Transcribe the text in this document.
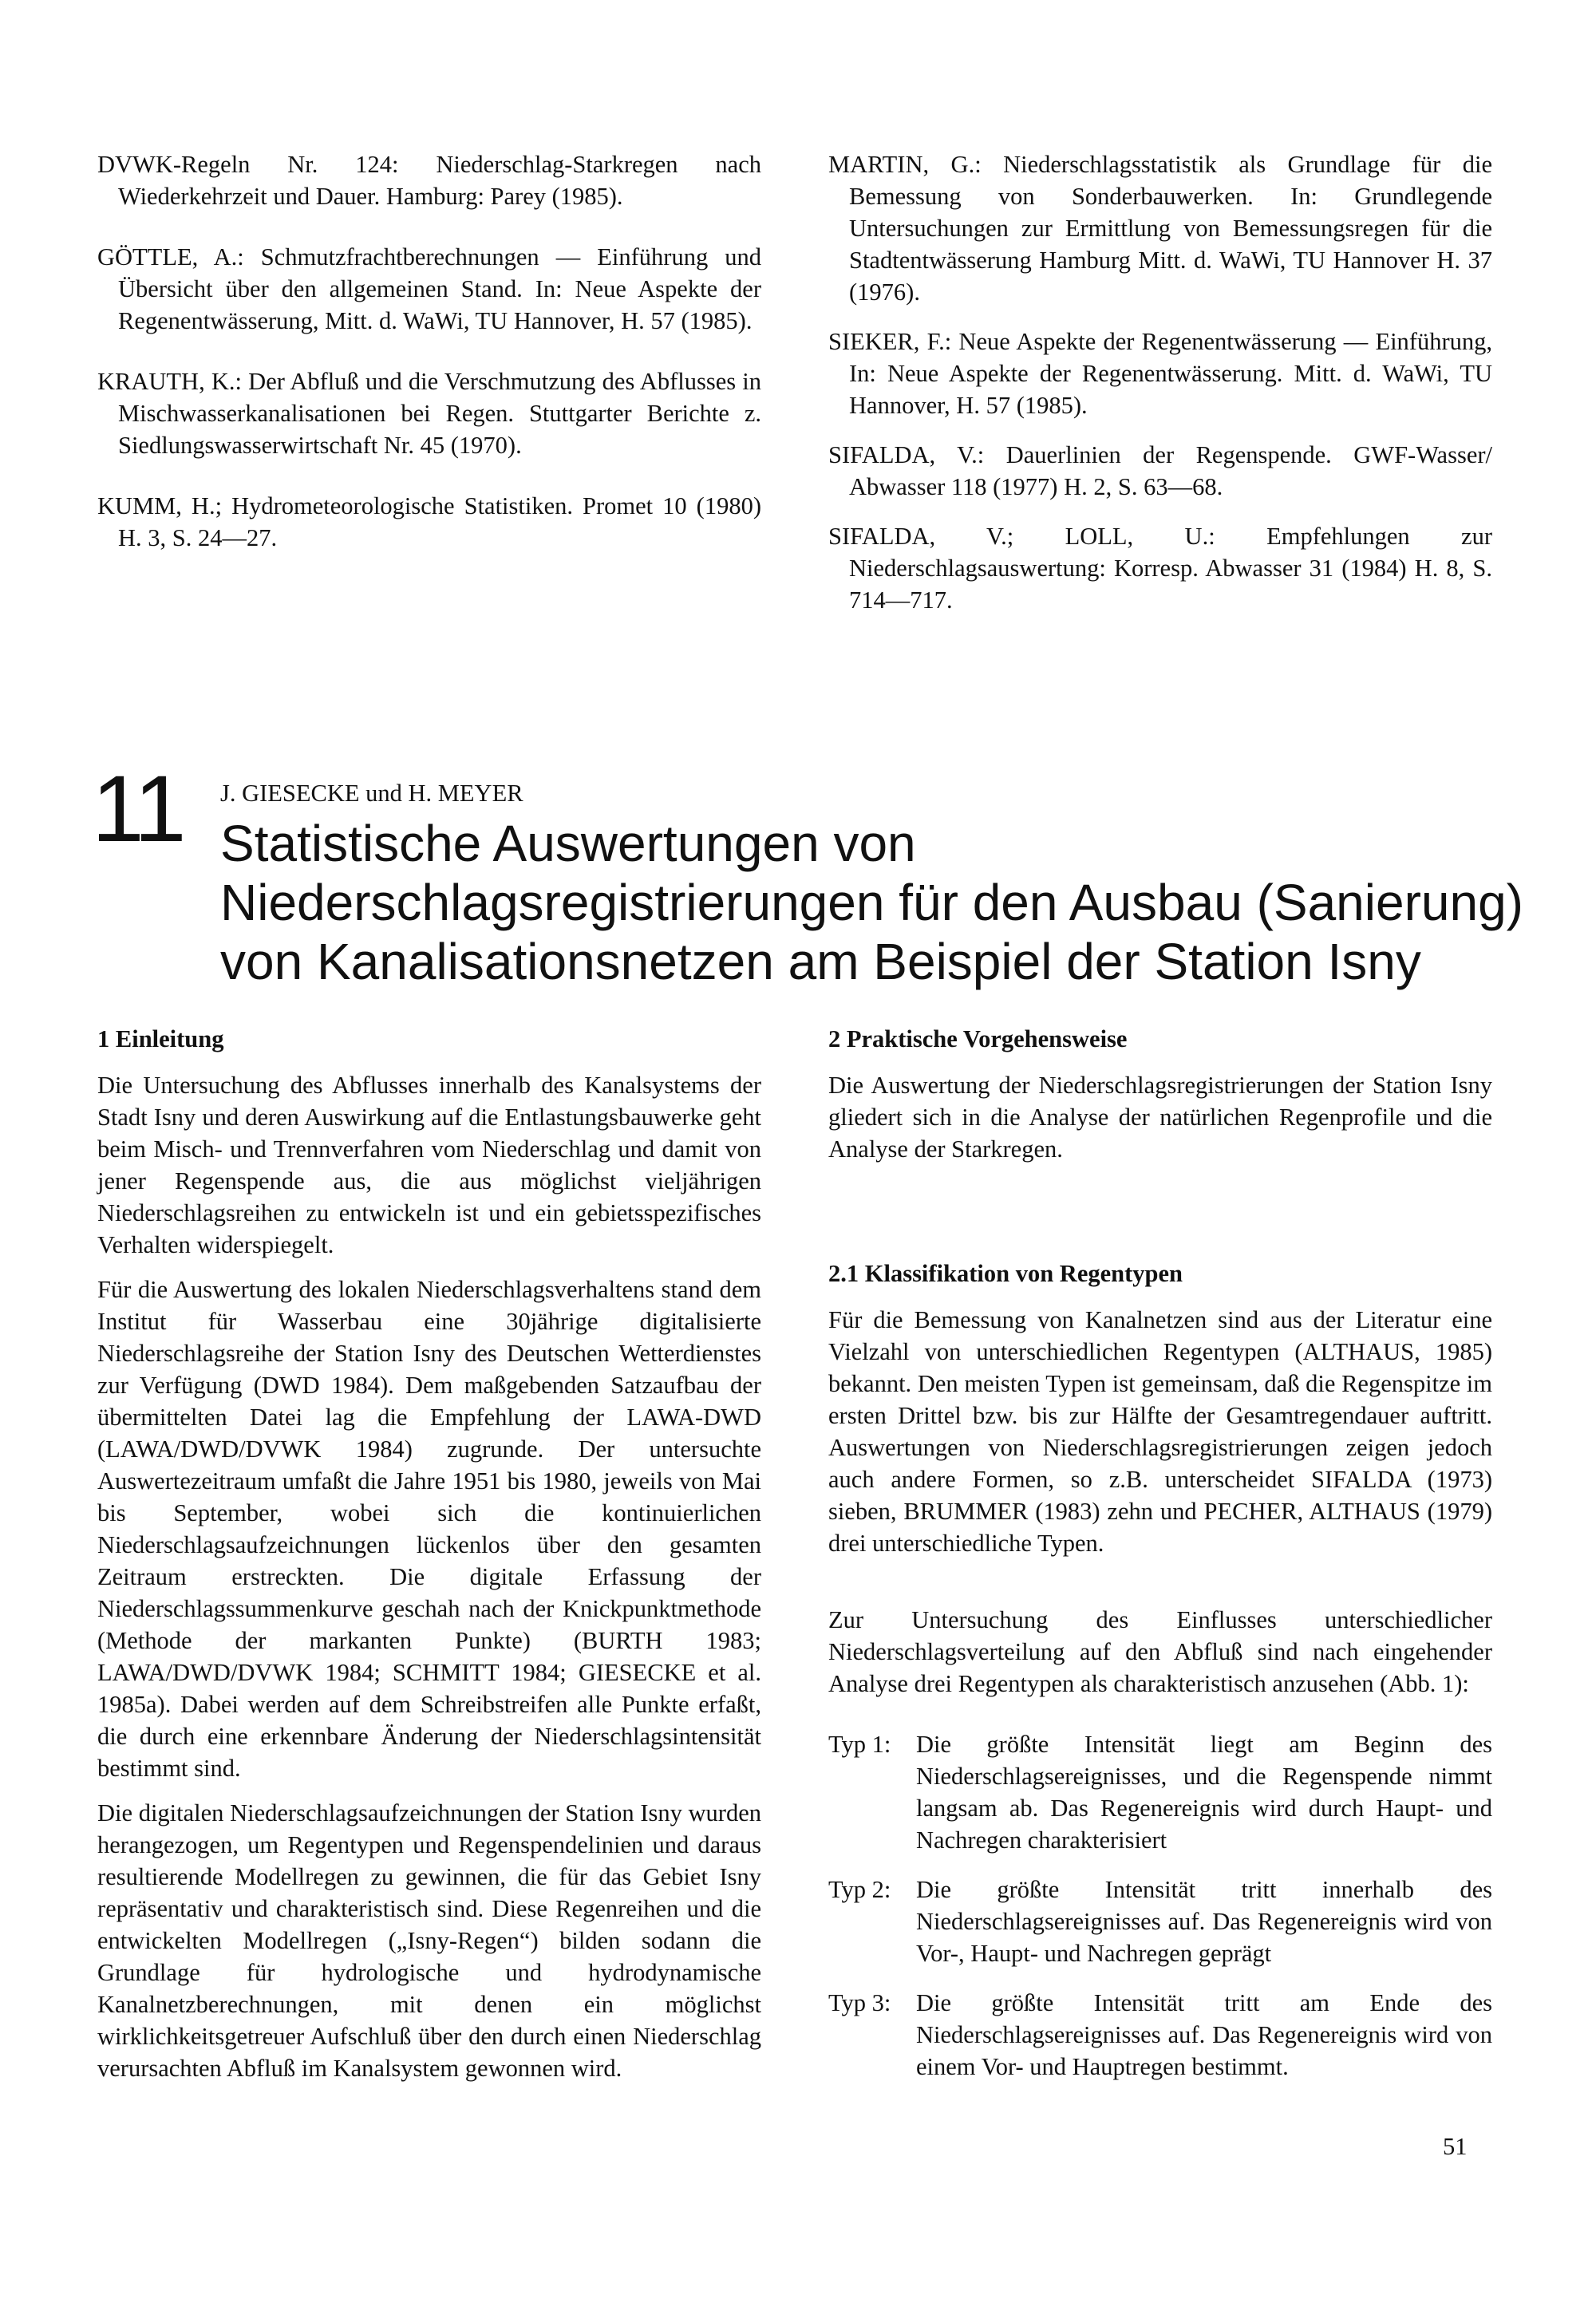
DVWK-Regeln Nr. 124: Niederschlag-Starkregen nach Wiederkehrzeit und Dauer. Hamburg: Parey (1985).

GÖTTLE, A.: Schmutzfrachtberechnungen — Einführung und Übersicht über den allgemeinen Stand. In: Neue Aspekte der Regenentwässerung, Mitt. d. WaWi, TU Hannover, H. 57 (1985).

KRAUTH, K.: Der Abfluß und die Verschmutzung des Abflusses in Mischwasserkanalisationen bei Regen. Stuttgarter Berichte z. Siedlungswasserwirtschaft Nr. 45 (1970).

KUMM, H.; Hydrometeorologische Statistiken. Promet 10 (1980) H. 3, S. 24—27.

MARTIN, G.: Niederschlagsstatistik als Grundlage für die Bemessung von Sonderbauwerken. In: Grundlegende Untersuchungen zur Ermittlung von Bemessungsregen für die Stadtentwässerung Hamburg Mitt. d. WaWi, TU Hannover H. 37 (1976).

SIEKER, F.: Neue Aspekte der Regenentwässerung — Einführung, In: Neue Aspekte der Regenentwässerung. Mitt. d. WaWi, TU Hannover, H. 57 (1985).

SIFALDA, V.: Dauerlinien der Regenspende. GWF-Wasser/ Abwasser 118 (1977) H. 2, S. 63—68.

SIFALDA, V.; LOLL, U.: Empfehlungen zur Niederschlagsauswertung: Korresp. Abwasser 31 (1984) H. 8, S. 714—717.

11 J. GIESECKE und H. MEYER
Statistische Auswertungen von Niederschlagsregistrierungen für den Ausbau (Sanierung) von Kanalisationsnetzen am Beispiel der Station Isny

1 Einleitung

Die Untersuchung des Abflusses innerhalb des Kanalsystems der Stadt Isny und deren Auswirkung auf die Entlastungsbauwerke geht beim Misch- und Trennverfahren vom Niederschlag und damit von jener Regenspende aus, die aus möglichst vieljährigen Niederschlagsreihen zu entwickeln ist und ein gebietsspezifisches Verhalten widerspiegelt.

Für die Auswertung des lokalen Niederschlagsverhaltens stand dem Institut für Wasserbau eine 30jährige digitalisierte Niederschlagsreihe der Station Isny des Deutschen Wetterdienstes zur Verfügung (DWD 1984). Dem maßgebenden Satzaufbau der übermittelten Datei lag die Empfehlung der LAWA-DWD (LAWA/DWD/DVWK 1984) zugrunde. Der untersuchte Auswertezeitraum umfaßt die Jahre 1951 bis 1980, jeweils von Mai bis September, wobei sich die kontinuierlichen Niederschlagsaufzeichnungen lückenlos über den gesamten Zeitraum erstreckten. Die digitale Erfassung der Niederschlagssummenkurve geschah nach der Knickpunktmethode (Methode der markanten Punkte) (BURTH 1983; LAWA/DWD/DVWK 1984; SCHMITT 1984; GIESECKE et al. 1985a). Dabei werden auf dem Schreibstreifen alle Punkte erfaßt, die durch eine erkennbare Änderung der Niederschlagsintensität bestimmt sind.

Die digitalen Niederschlagsaufzeichnungen der Station Isny wurden herangezogen, um Regentypen und Regenspendelinien und daraus resultierende Modellregen zu gewinnen, die für das Gebiet Isny repräsentativ und charakteristisch sind. Diese Regenreihen und die entwickelten Modellregen („Isny-Regen“) bilden sodann die Grundlage für hydrologische und hydrodynamische Kanalnetzberechnungen, mit denen ein möglichst wirklichkeitsgetreuer Aufschluß über den durch einen Niederschlag verursachten Abfluß im Kanalsystem gewonnen wird.

2 Praktische Vorgehensweise

Die Auswertung der Niederschlagsregistrierungen der Station Isny gliedert sich in die Analyse der natürlichen Regenprofile und die Analyse der Starkregen.

2.1 Klassifikation von Regentypen

Für die Bemessung von Kanalnetzen sind aus der Literatur eine Vielzahl von unterschiedlichen Regentypen (ALTHAUS, 1985) bekannt. Den meisten Typen ist gemeinsam, daß die Regenspitze im ersten Drittel bzw. bis zur Hälfte der Gesamtregendauer auftritt. Auswertungen von Niederschlagsregistrierungen zeigen jedoch auch andere Formen, so z.B. unterscheidet SIFALDA (1973) sieben, BRUMMER (1983) zehn und PECHER, ALTHAUS (1979) drei unterschiedliche Typen.

Zur Untersuchung des Einflusses unterschiedlicher Niederschlagsverteilung auf den Abfluß sind nach eingehender Analyse drei Regentypen als charakteristisch anzusehen (Abb. 1):

Typ 1: Die größte Intensität liegt am Beginn des Niederschlagsereignisses, und die Regenspende nimmt langsam ab. Das Regenereignis wird durch Haupt- und Nachregen charakterisiert
Typ 2: Die größte Intensität tritt innerhalb des Niederschlagsereignisses auf. Das Regenereignis wird von Vor-, Haupt- und Nachregen geprägt
Typ 3: Die größte Intensität tritt am Ende des Niederschlagsereignisses auf. Das Regenereignis wird von einem Vor- und Hauptregen bestimmt.
51
